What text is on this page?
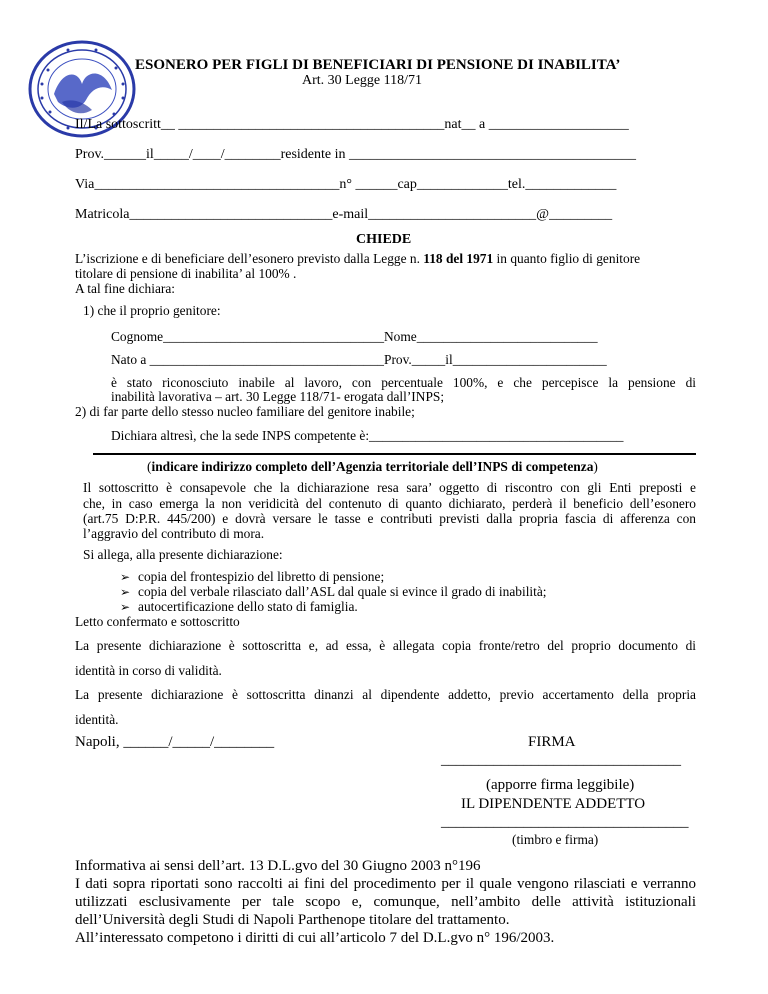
ESONERO PER FIGLI DI BENEFICIARI DI PENSIONE DI INABILITA’
Art. 30 Legge 118/71
Il/La sottoscritt__ ______________________________________nat__ a ____________________
Prov.______il_____/____/________residente in _________________________________________
Via___________________________________n° ______cap_____________tel._____________
Matricola_____________________________e-mail________________________@_________
CHIEDE
L’iscrizione e di beneficiare dell’esonero previsto dalla Legge n. 118 del 1971 in quanto figlio di genitore
titolare di pensione di inabilita’ al 100% .
A tal fine dichiara:
1) che il proprio genitore:
Cognome_________________________________Nome___________________________
Nato a ___________________________________Prov._____il_______________________
è stato riconosciuto inabile al lavoro, con percentuale 100%, e che percepisce la pensione di
inabilità lavorativa – art. 30 Legge 118/71- erogata dall’INPS;
2) di far parte dello stesso nucleo familiare del genitore inabile;
Dichiara altresì, che la sede INPS competente è:______________________________________
(indicare indirizzo completo dell’Agenzia territoriale dell’INPS di competenza)
Il sottoscritto è consapevole che la dichiarazione resa sara’ oggetto di riscontro con gli Enti preposti e
che, in caso emerga la non veridicità del contenuto di quanto dichiarato, perderà il beneficio dell’esonero
(art.75 D:P.R. 445/200) e dovrà versare le tasse e contributi previsti dalla propria fascia di afferenza con
l’aggravio del contributo di mora.
Si allega, alla presente dichiarazione:
➢ copia del frontespizio del libretto di pensione;
➢ copia del verbale rilasciato dall’ASL dal quale si evince il grado di inabilità;
➢ autocertificazione dello stato di famiglia.
Letto confermato e sottoscritto
La presente dichiarazione è sottoscritta e, ad essa, è allegata copia fronte/retro del proprio documento di
identità in corso di validità.
La presente dichiarazione è sottoscritta dinanzi al dipendente addetto, previo accertamento della propria
identità.
Napoli, ______/_____/________	FIRMA
________________________________
(apporre firma leggibile)
IL DIPENDENTE ADDETTO
_________________________________
(timbro e firma)
Informativa ai sensi dell’art. 13 D.L.gvo del 30 Giugno 2003 n°196
I dati sopra riportati sono raccolti ai fini del procedimento per il quale vengono rilasciati e verranno
utilizzati esclusivamente per tale scopo e, comunque, nell’ambito delle attività istituzionali
dell’Università degli Studi di Napoli Parthenope titolare del trattamento.
All’interessato competono i diritti di cui all’articolo 7 del D.L.gvo n° 196/2003.
